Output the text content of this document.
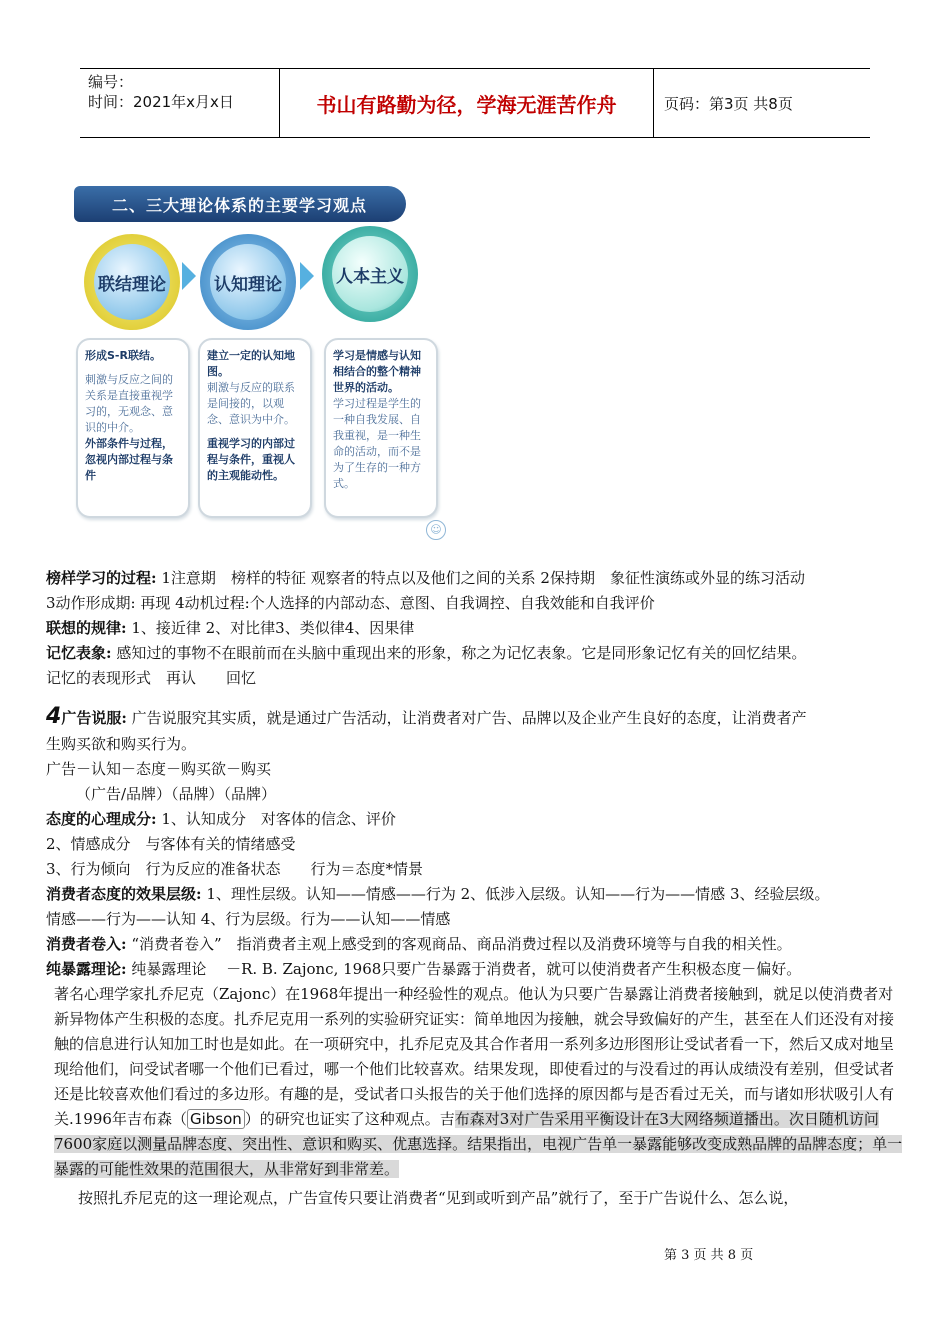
编号：
时间：2021年x月x日	书山有路勤为径，学海无涯苦作舟	页码：第3页 共8页
二、三大理论体系的主要学习观点
联结理论	认知理论	人本主义
形成S-R联结。
刺激与反应之间的关系是直接重视学习的，无观念、意识的中介。
外部条件与过程，忽视内部过程与条件
建立一定的认知地图。
刺激与反应的联系是间接的，以观念、意识为中介。
重视学习的内部过程与条件，重视人的主观能动性。
学习是情感与认知相结合的整个精神世界的活动。
学习过程是学生的一种自我发展、自我重视，是一种生命的活动，而不是为了生存的一种方式。
☺

榜样学习的过程: 1注意期　榜样的特征 观察者的特点以及他们之间的关系 2保持期　象征性演练或外显的练习活动

3动作形成期: 再现 4动机过程:个人选择的内部动态、意图、自我调控、自我效能和自我评价

联想的规律: 1、接近律 2、对比律3、类似律4、因果律

记忆表象: 感知过的事物不在眼前而在头脑中重现出来的形象，称之为记忆表象。它是同形象记忆有关的回忆结果。

记忆的表现形式　再认　　回忆

4广告说服: 广告说服究其实质，就是通过广告活动，让消费者对广告、品牌以及企业产生良好的态度，让消费者产

生购买欲和购买行为。

广告－认知－态度－购买欲－购买

（广告/品牌）（品牌）（品牌）

态度的心理成分: 1、认知成分　对客体的信念、评价

2、情感成分　与客体有关的情绪感受

3、行为倾向　行为反应的准备状态　　行为＝态度*情景

消费者态度的效果层级: 1、理性层级。认知——情感——行为 2、低涉入层级。认知——行为——情感 3、经验层级。

情感——行为——认知 4、行为层级。行为——认知——情感

消费者卷入: “消费者卷入”　指消费者主观上感受到的客观商品、商品消费过程以及消费环境等与自我的相关性。

纯暴露理论: 纯暴露理论　 －R. B. Zajonc, 1968只要广告暴露于消费者，就可以使消费者产生积极态度－偏好。

著名心理学家扎乔尼克（Zajonc）在1968年提出一种经验性的观点。他认为只要广告暴露让消费者接触到，就足以使消费者对新异物体产生积极的态度。扎乔尼克用一系列的实验研究证实：简单地因为接触，就会导致偏好的产生，甚至在人们还没有对接触的信息进行认知加工时也是如此。在一项研究中，扎乔尼克及其合作者用一系列多边形图形让受试者看一下，然后又成对地呈现给他们，问受试者哪一个他们已看过，哪一个他们比较喜欢。结果发现，即使看过的与没看过的再认成绩没有差别，但受试者还是比较喜欢他们看过的多边形。有趣的是，受试者口头报告的关于他们选择的原因都与是否看过无关，而与诸如形状吸引人有关.1996年吉布森（ Gibson ）的研究也证实了这种观点。吉布森对3对广告采用平衡设计在3大网络频道播出。次日随机访问7600家庭以测量品牌态度、突出性、意识和购买、优惠选择。结果指出，电视广告单一暴露能够改变成熟品牌的品牌态度；单一暴露的可能性效果的范围很大，从非常好到非常差。

按照扎乔尼克的这一理论观点，广告宣传只要让消费者“见到或听到产品”就行了，至于广告说什么、怎么说，

第 3 页 共 8 页
